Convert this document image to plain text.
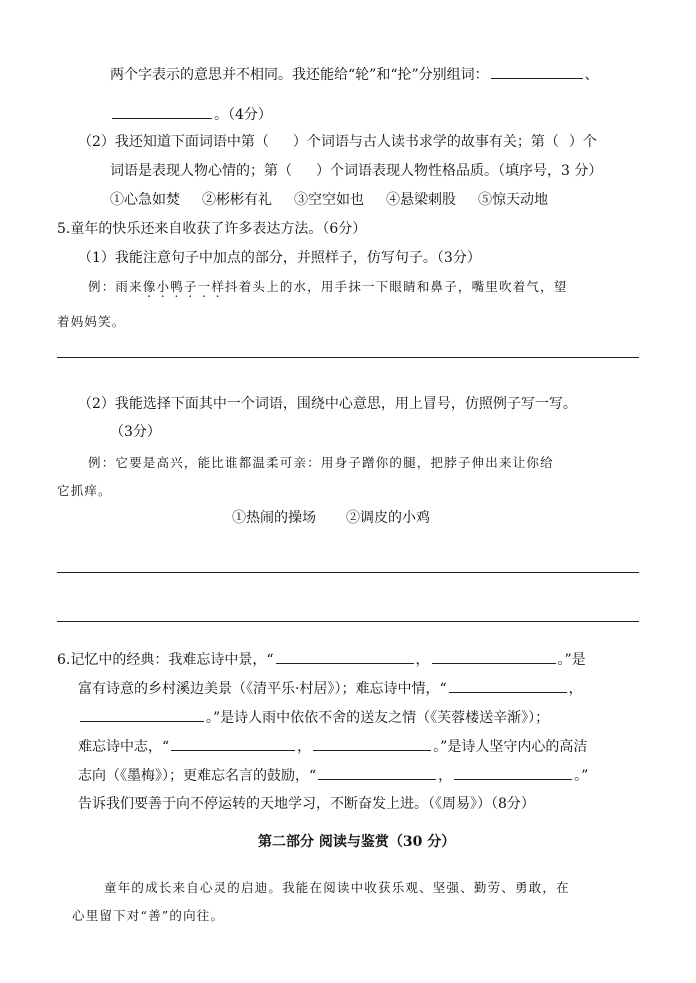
两个字表示的意思并不相同。我还能给“轮”和“抡”分别组词：	、
。（4分）
（2）我还知道下面词语中第（ ）个词语与古人读书求学的故事有关；第（ ）个
词语是表现人物心情的；第（ ）个词语表现人物性格品质。（填序号，3 分）
①心急如焚 ②彬彬有礼 ③空空如也 ④悬梁刺股 ⑤惊天动地
5.童年的快乐还来自收获了许多表达方法。（6分）
（1）我能注意句子中加点的部分，并照样子，仿写句子。（3分）
例：雨来像小鸭子一样抖着头上的水，用手抹一下眼睛和鼻子，嘴里吹着气，望
着妈妈笑。
（2）我能选择下面其中一个词语，围绕中心意思，用上冒号，仿照例子写一写。
（3分）
例：它要是高兴，能比谁都温柔可亲：用身子蹭你的腿，把脖子伸出来让你给
它抓痒。
①热闹的操场 ②调皮的小鸡
6.记忆中的经典：我难忘诗中景，“	，	。”是
富有诗意的乡村溪边美景（《清平乐·村居》）；难忘诗中情，“	，
。”是诗人雨中依依不舍的送友之情（《芙蓉楼送辛渐》）；
难忘诗中志，“	，	。”是诗人坚守内心的高洁
志向（《墨梅》）；更难忘名言的鼓励，“	，	。”
告诉我们要善于向不停运转的天地学习，不断奋发上进。（《周易》）（8分）
第二部分 阅读与鉴赏（30 分）
童年的成长来自心灵的启迪。我能在阅读中收获乐观、坚强、勤劳、勇敢，在
心里留下对“善”的向往。
